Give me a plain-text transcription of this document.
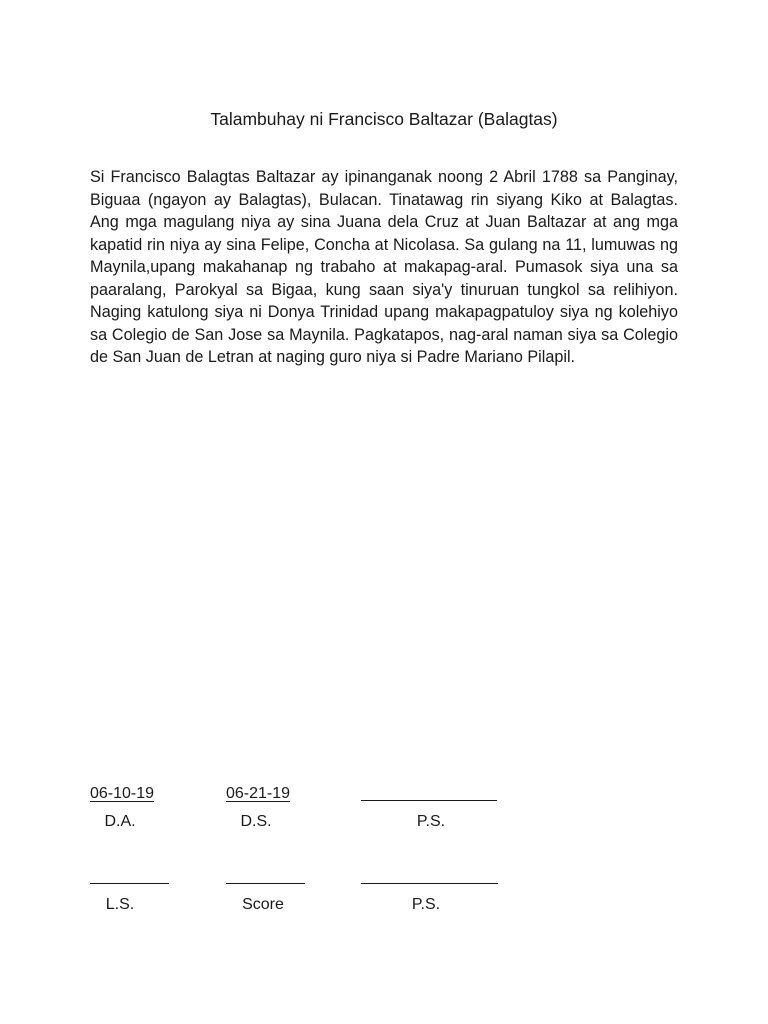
Talambuhay ni Francisco Baltazar (Balagtas)

Si Francisco Balagtas Baltazar ay ipinanganak noong 2 Abril 1788 sa Panginay, Biguaa (ngayon ay Balagtas), Bulacan. Tinatawag rin siyang Kiko at Balagtas. Ang mga magulang niya ay sina Juana dela Cruz at Juan Baltazar at ang mga kapatid rin niya ay sina Felipe, Concha at Nicolasa. Sa gulang na 11, lumuwas ng Maynila,upang makahanap ng trabaho at makapag-aral. Pumasok siya una sa paaralang, Parokyal sa Bigaa, kung saan siya'y tinuruan tungkol sa relihiyon. Naging katulong siya ni Donya Trinidad upang makapagpatuloy siya ng kolehiyo sa Colegio de San Jose sa Maynila. Pagkatapos, nag-aral naman siya sa Colegio de San Juan de Letran at naging guro niya si Padre Mariano Pilapil.

06-10-19	06-21-19
D.A.	D.S.	P.S.
L.S.	Score	P.S.
